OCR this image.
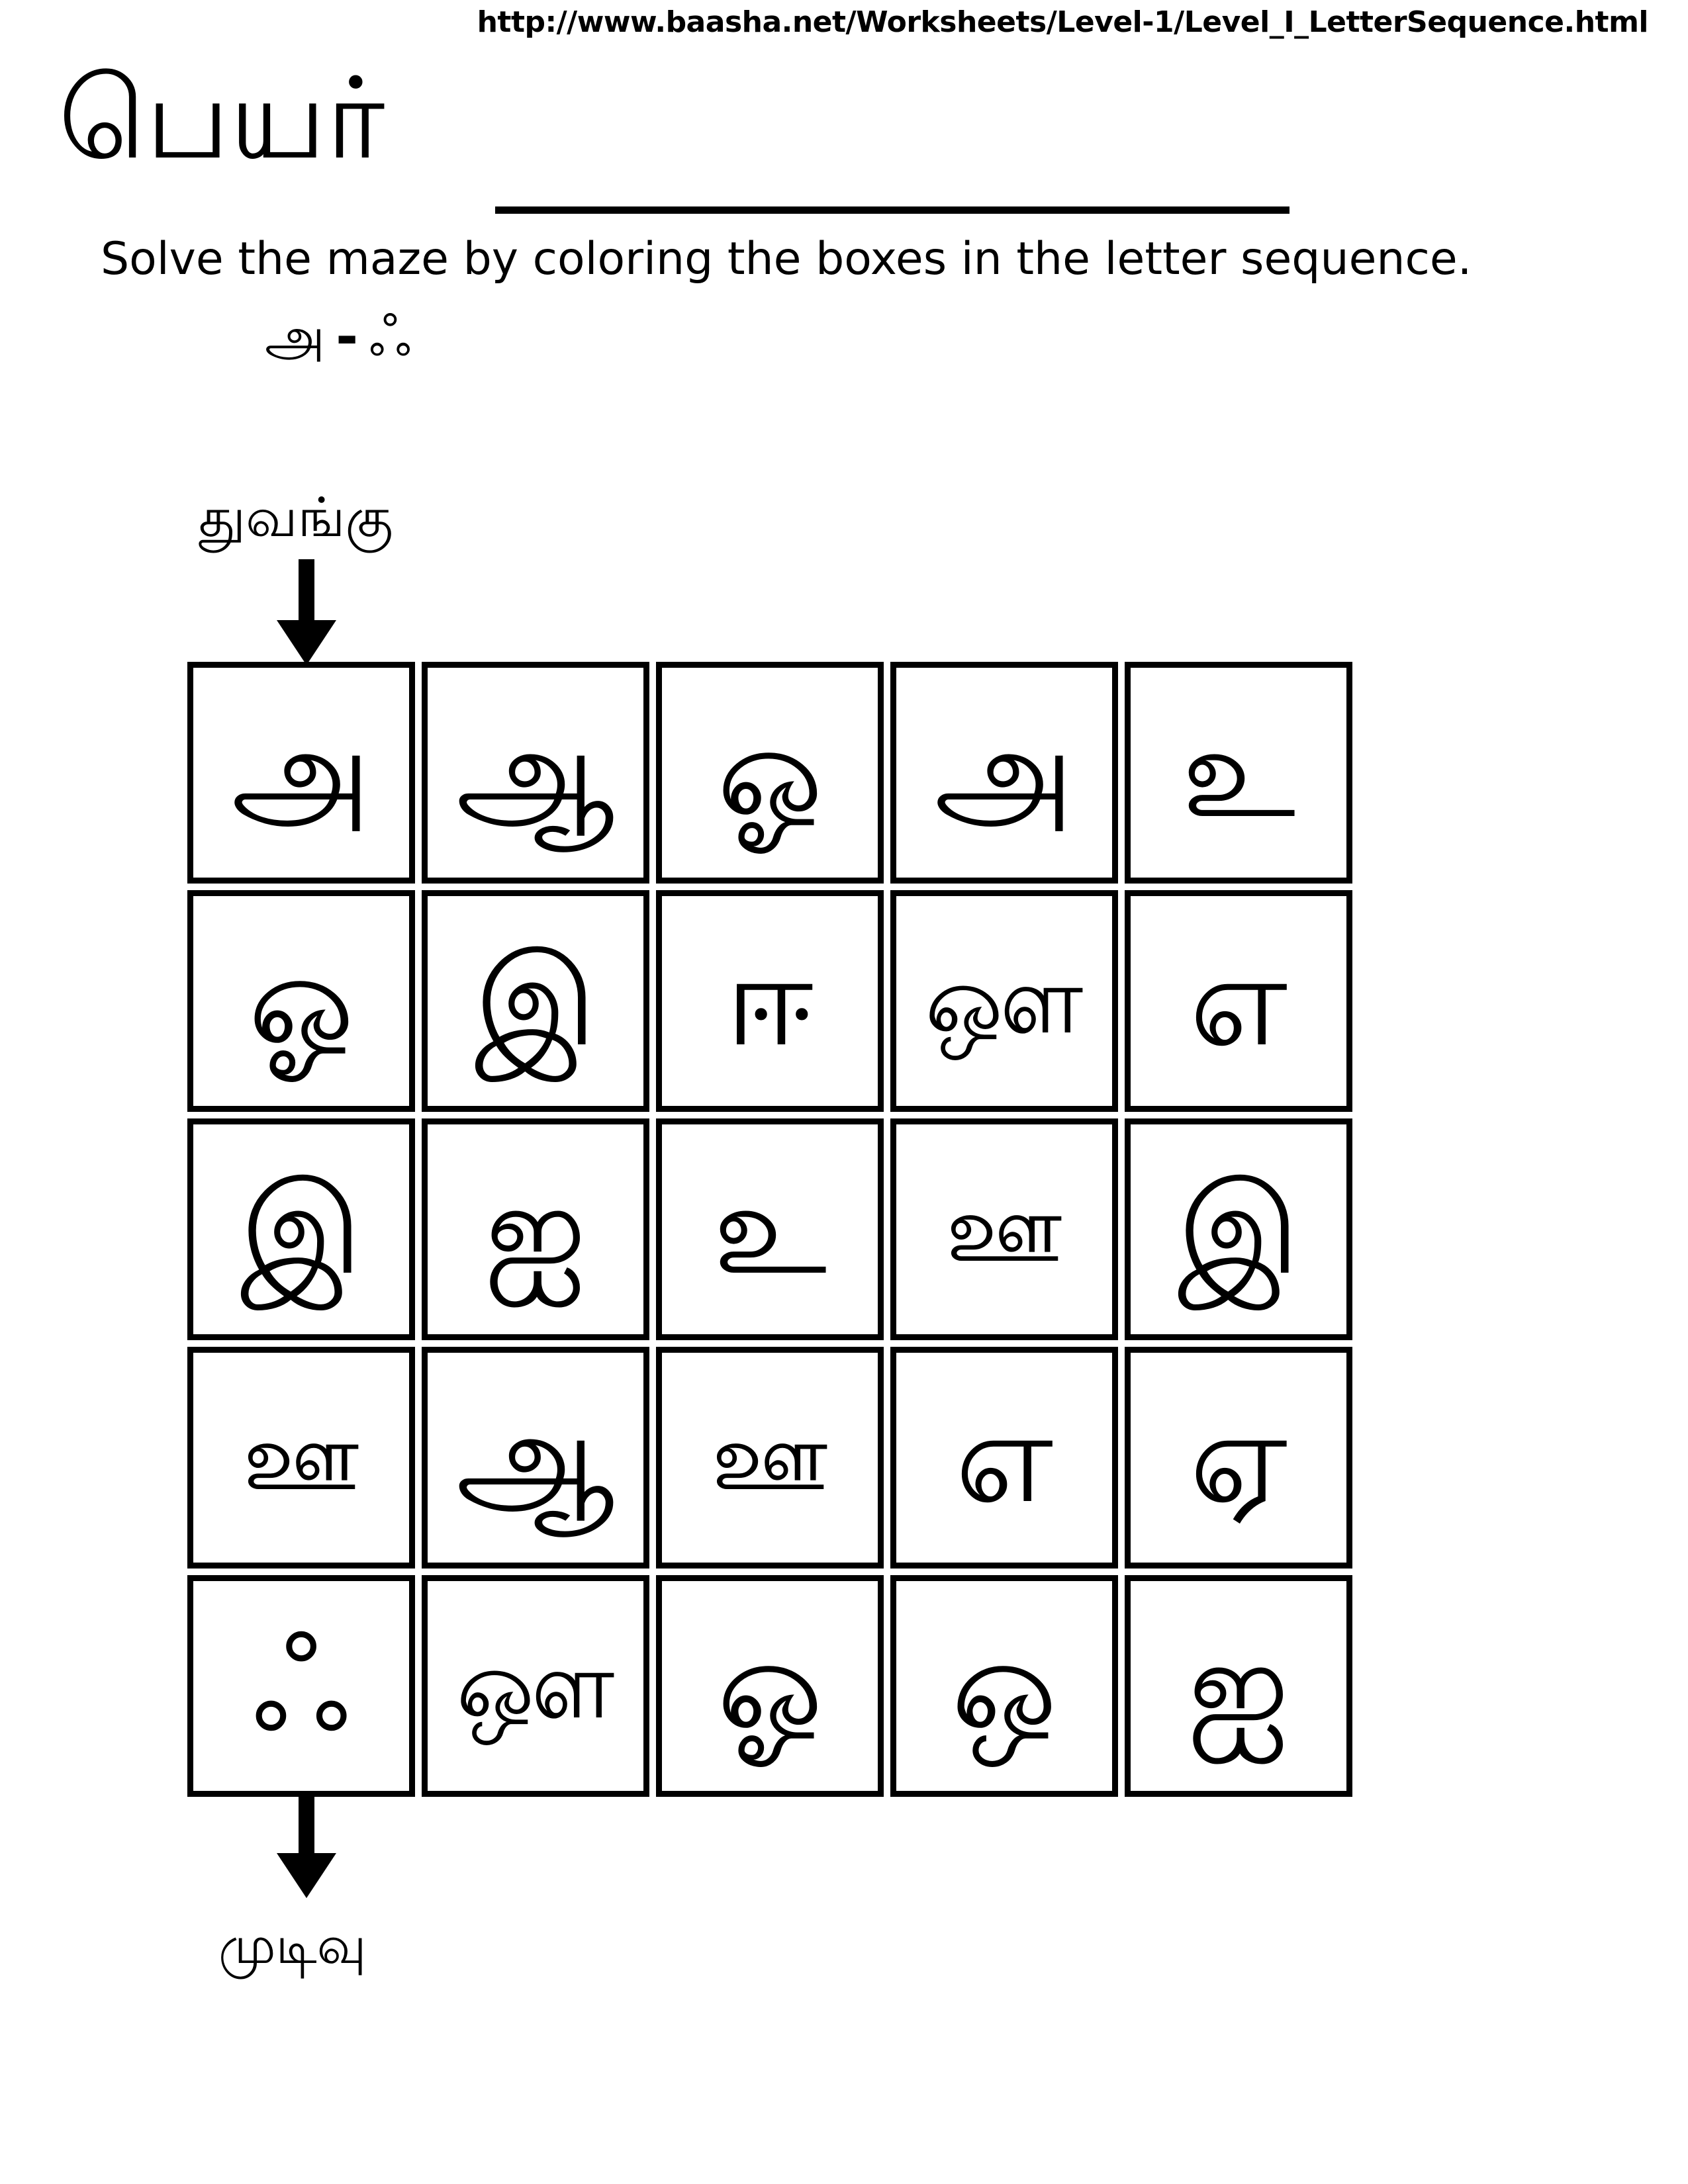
http://www.baasha.net/Worksheets/Level-1/Level_I_LetterSequence.html
பெயர்
Solve the maze by coloring the boxes in the letter sequence.
அ - ஃ
துவங்கு
அ ஆ ஓ அ உ
ஓ இ	ஈ	ஔ எ
இ ஐ	உ	ஊ இ
ஊ ஆ	ஊ	எ	ஏ
ஃ	ஔ ஓ	ஒ	ஐ
முடிவு
